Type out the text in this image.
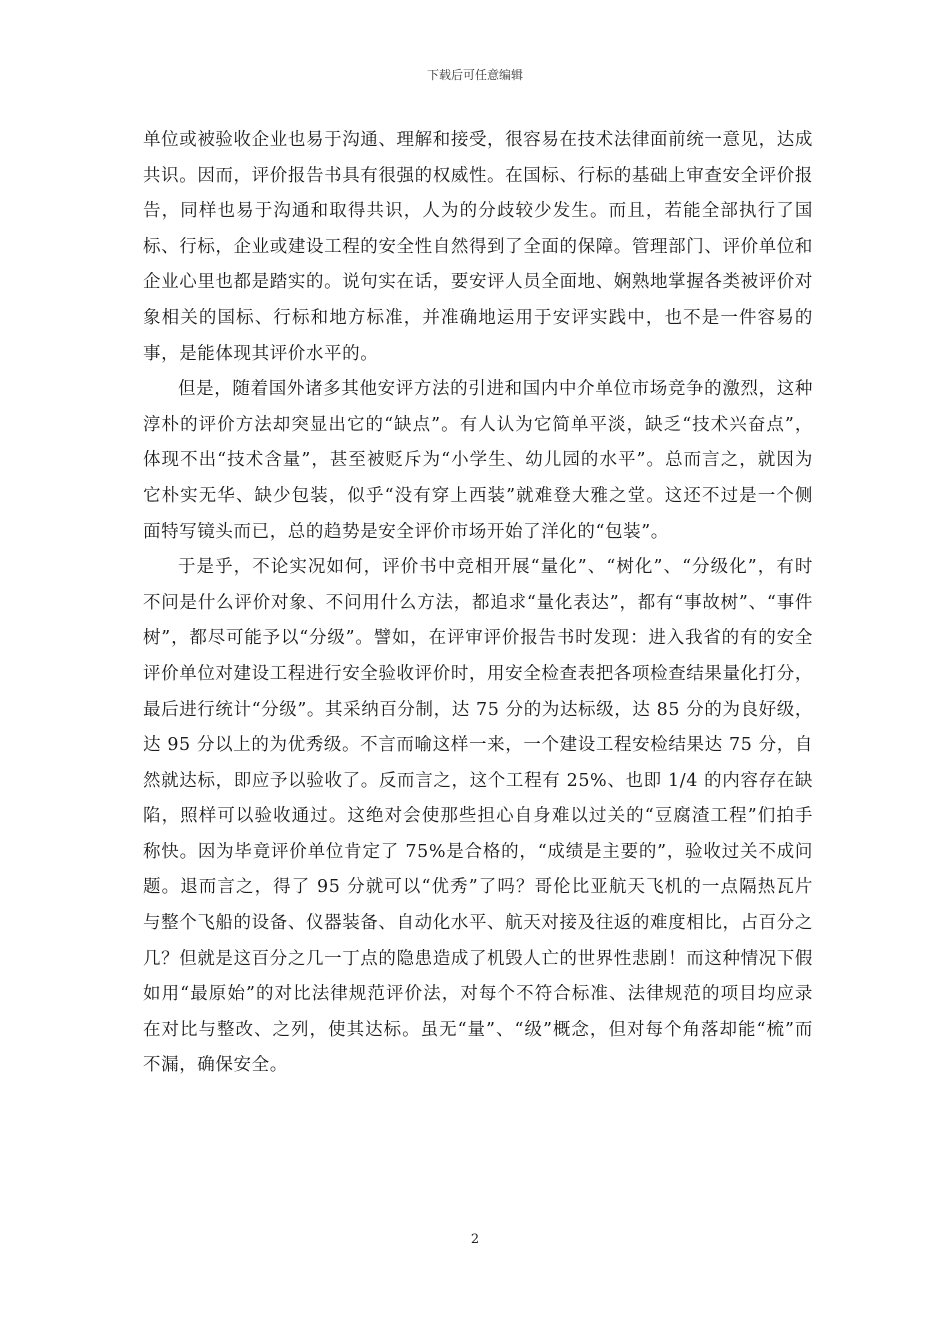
下载后可任意编辑

单位或被验收企业也易于沟通、理解和接受，很容易在技术法律面前统一意见，达成共识。因而，评价报告书具有很强的权威性。在国标、行标的基础上审查安全评价报告，同样也易于沟通和取得共识，人为的分歧较少发生。而且，若能全部执行了国标、行标，企业或建设工程的安全性自然得到了全面的保障。管理部门、评价单位和企业心里也都是踏实的。说句实在话，要安评人员全面地、娴熟地掌握各类被评价对象相关的国标、行标和地方标准，并准确地运用于安评实践中，也不是一件容易的事，是能体现其评价水平的。

但是，随着国外诸多其他安评方法的引进和国内中介单位市场竞争的激烈，这种淳朴的评价方法却突显出它的“缺点”。有人认为它简单平淡，缺乏“技术兴奋点”，体现不出“技术含量”，甚至被贬斥为“小学生、幼儿园的水平”。总而言之，就因为它朴实无华、缺少包装，似乎“没有穿上西装”就难登大雅之堂。这还不过是一个侧面特写镜头而已，总的趋势是安全评价市场开始了洋化的“包装”。

于是乎，不论实况如何，评价书中竞相开展“量化”、“树化”、“分级化”，有时不问是什么评价对象、不问用什么方法，都追求“量化表达”，都有“事故树”、“事件树”，都尽可能予以“分级”。譬如，在评审评价报告书时发现：进入我省的有的安全评价单位对建设工程进行安全验收评价时，用安全检查表把各项检查结果量化打分，最后进行统计“分级”。其采纳百分制，达 75 分的为达标级，达 85 分的为良好级，达 95 分以上的为优秀级。不言而喻这样一来，一个建设工程安检结果达 75 分，自然就达标，即应予以验收了。反而言之，这个工程有 25%、也即 1/4 的内容存在缺陷，照样可以验收通过。这绝对会使那些担心自身难以过关的“豆腐渣工程”们拍手称快。因为毕竟评价单位肯定了 75%是合格的，“成绩是主要的”，验收过关不成问题。退而言之，得了 95 分就可以“优秀”了吗？哥伦比亚航天飞机的一点隔热瓦片与整个飞船的设备、仪器装备、自动化水平、航天对接及往返的难度相比，占百分之几？但就是这百分之几一丁点的隐患造成了机毁人亡的世界性悲剧！而这种情况下假如用“最原始”的对比法律规范评价法，对每个不符合标准、法律规范的项目均应录在对比与整改、之列，使其达标。虽无“量”、“级”概念，但对每个角落却能“梳”而不漏，确保安全。

2
